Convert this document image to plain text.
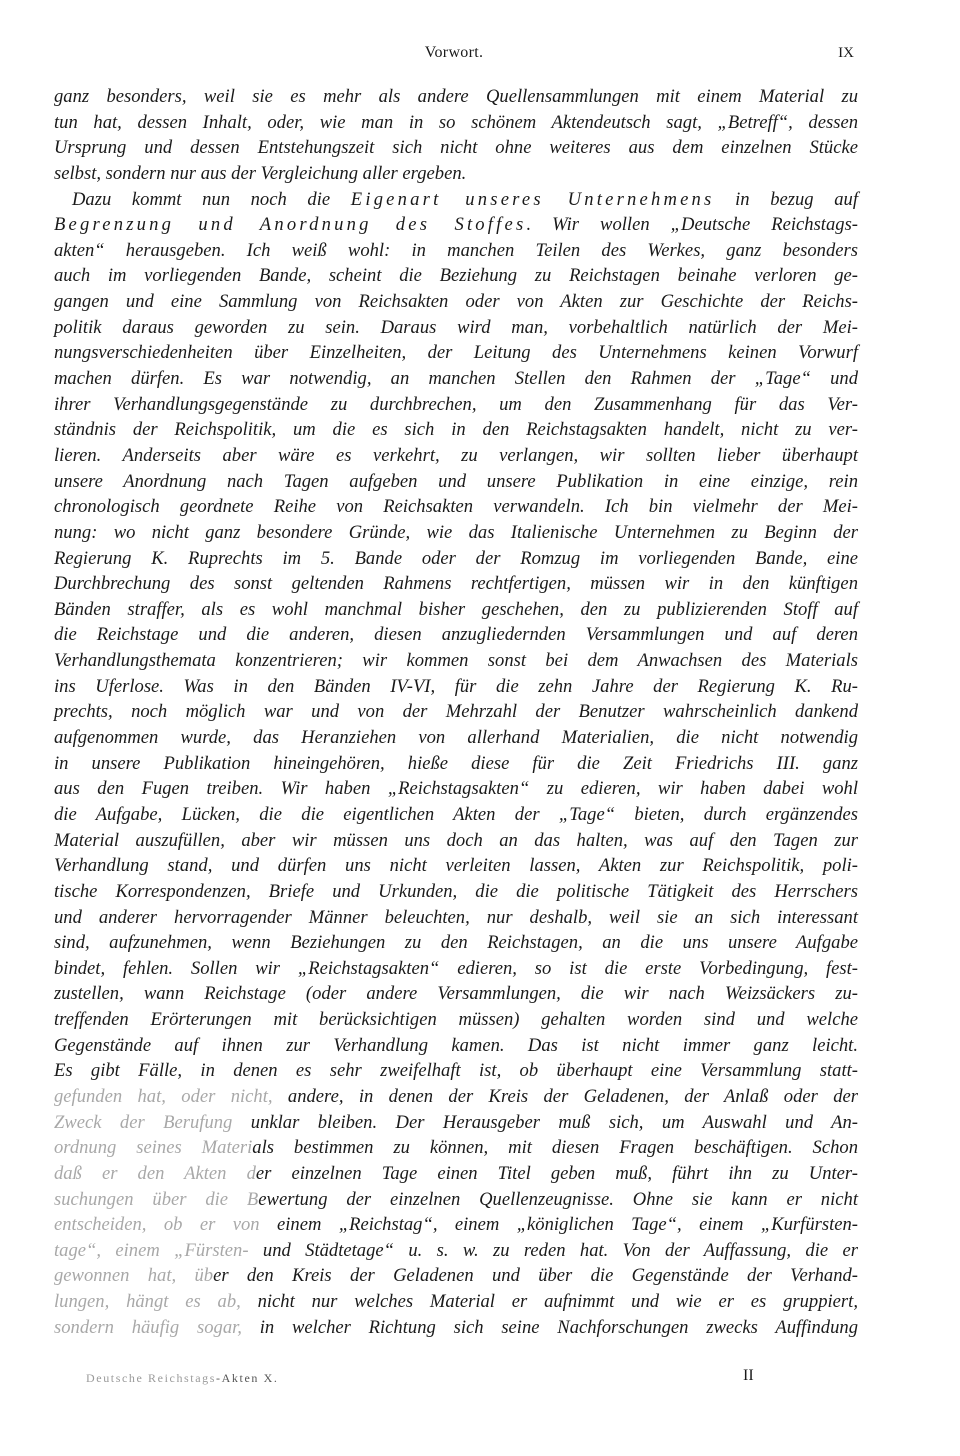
Vorwort.	IX
ganz besonders, weil sie es mehr als andere Quellensammlungen mit einem Material zu
tun hat, dessen Inhalt, oder, wie man in so schönem Aktendeutsch sagt, „Betreff“, dessen
Ursprung und dessen Entstehungszeit sich nicht ohne weiteres aus dem einzelnen Stücke
selbst, sondern nur aus der Vergleichung aller ergeben.
Dazu kommt nun noch die Eigenart unseres Unternehmens in bezug auf
Begrenzung und Anordnung des Stoffes. Wir wollen „Deutsche Reichstags-
akten“ herausgeben. Ich weiß wohl: in manchen Teilen des Werkes, ganz besonders
auch im vorliegenden Bande, scheint die Beziehung zu Reichstagen beinahe verloren ge-
gangen und eine Sammlung von Reichsakten oder von Akten zur Geschichte der Reichs-
politik daraus geworden zu sein. Daraus wird man, vorbehaltlich natürlich der Mei-
nungsverschiedenheiten über Einzelheiten, der Leitung des Unternehmens keinen Vorwurf
machen dürfen. Es war notwendig, an manchen Stellen den Rahmen der „Tage“ und
ihrer Verhandlungsgegenstände zu durchbrechen, um den Zusammenhang für das Ver-
ständnis der Reichspolitik, um die es sich in den Reichstagsakten handelt, nicht zu ver-
lieren. Anderseits aber wäre es verkehrt, zu verlangen, wir sollten lieber überhaupt
unsere Anordnung nach Tagen aufgeben und unsere Publikation in eine einzige, rein
chronologisch geordnete Reihe von Reichsakten verwandeln. Ich bin vielmehr der Mei-
nung: wo nicht ganz besondere Gründe, wie das Italienische Unternehmen zu Beginn der
Regierung K. Ruprechts im 5. Bande oder der Romzug im vorliegenden Bande, eine
Durchbrechung des sonst geltenden Rahmens rechtfertigen, müssen wir in den künftigen
Bänden straffer, als es wohl manchmal bisher geschehen, den zu publizierenden Stoff auf
die Reichstage und die anderen, diesen anzugliedernden Versammlungen und auf deren
Verhandlungsthemata konzentrieren; wir kommen sonst bei dem Anwachsen des Materials
ins Uferlose. Was in den Bänden IV-VI, für die zehn Jahre der Regierung K. Ru-
prechts, noch möglich war und von der Mehrzahl der Benutzer wahrscheinlich dankend
aufgenommen wurde, das Heranziehen von allerhand Materialien, die nicht notwendig
in unsere Publikation hineingehören, hieße diese für die Zeit Friedrichs III. ganz
aus den Fugen treiben. Wir haben „Reichstagsakten“ zu edieren, wir haben dabei wohl
die Aufgabe, Lücken, die die eigentlichen Akten der „Tage“ bieten, durch ergänzendes
Material auszufüllen, aber wir müssen uns doch an das halten, was auf den Tagen zur
Verhandlung stand, und dürfen uns nicht verleiten lassen, Akten zur Reichspolitik, poli-
tische Korrespondenzen, Briefe und Urkunden, die die politische Tätigkeit des Herrschers
und anderer hervorragender Männer beleuchten, nur deshalb, weil sie an sich interessant
sind, aufzunehmen, wenn Beziehungen zu den Reichstagen, an die uns unsere Aufgabe
bindet, fehlen. Sollen wir „Reichstagsakten“ edieren, so ist die erste Vorbedingung, fest-
zustellen, wann Reichstage (oder andere Versammlungen, die wir nach Weizsäckers zu-
treffenden Erörterungen mit berücksichtigen müssen) gehalten worden sind und welche
Gegenstände auf ihnen zur Verhandlung kamen. Das ist nicht immer ganz leicht.
Es gibt Fälle, in denen es sehr zweifelhaft ist, ob überhaupt eine Versammlung statt-
gefunden hat, oder nicht, andere, in denen der Kreis der Geladenen, der Anlaß oder der
Zweck der Berufung unklar bleiben. Der Herausgeber muß sich, um Auswahl und An-
ordnung seines Materials bestimmen zu können, mit diesen Fragen beschäftigen. Schon
daß er den Akten der einzelnen Tage einen Titel geben muß, führt ihn zu Unter-
suchungen über die Bewertung der einzelnen Quellenzeugnisse. Ohne sie kann er nicht
entscheiden, ob er von einem „Reichstag“, einem „königlichen Tage“, einem „Kurfürsten-
tage“, einem „Fürsten- und Städtetage“ u. s. w. zu reden hat. Von der Auffassung, die er
gewonnen hat, über den Kreis der Geladenen und über die Gegenstände der Verhand-
lungen, hängt es ab, nicht nur welches Material er aufnimmt und wie er es gruppiert,
sondern häufig sogar, in welcher Richtung sich seine Nachforschungen zwecks Auffindung
Deutsche Reichstags-Akten X.	II
